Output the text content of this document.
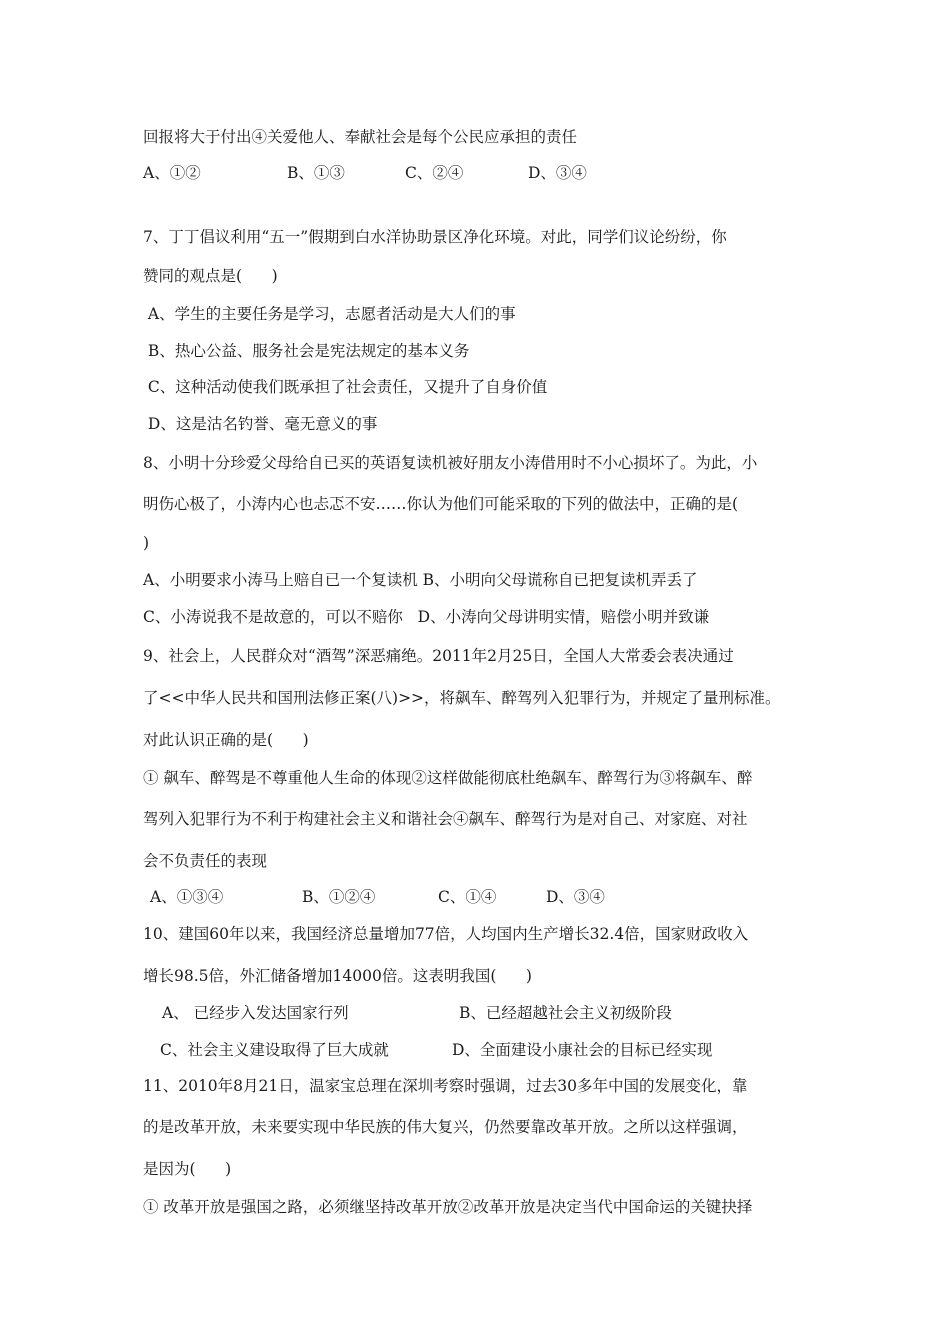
回报将大于付出④关爱他人、奉献社会是每个公民应承担的责任
A、①②	B、①③	C、②④	D、③④
7、丁丁倡议利用“五一”假期到白水洋协助景区净化环境。对此，同学们议论纷纷，你
赞同的观点是(      )
A、学生的主要任务是学习，志愿者活动是大人们的事
B、热心公益、服务社会是宪法规定的基本义务
C、这种活动使我们既承担了社会责任，又提升了自身价值
D、这是沽名钓誉、毫无意义的事
8、小明十分珍爱父母给自已买的英语复读机被好朋友小涛借用时不小心损坏了。为此，小
明伤心极了，小涛内心也忐忑不安……你认为他们可能采取的下列的做法中，正确的是(
)
A、小明要求小涛马上赔自已一个复读机 B、小明向父母谎称自已把复读机弄丢了
C、小涛说我不是故意的，可以不赔你   D、小涛向父母讲明实情，赔偿小明并致谦
9、社会上，人民群众对“酒驾”深恶痛绝。2011年2月25日，全国人大常委会表决通过
了<<中华人民共和国刑法修正案(八)>>，将飙车、醉驾列入犯罪行为，并规定了量刑标准。
对此认识正确的是(      )
① 飙车、醉驾是不尊重他人生命的体现②这样做能彻底杜绝飙车、醉驾行为③将飙车、醉
驾列入犯罪行为不利于构建社会主义和谐社会④飙车、醉驾行为是对自己、对家庭、对社
会不负责任的表现
A、①③④	B、①②④	C、①④	D、③④
10、建国60年以来，我国经济总量增加77倍，人均国内生产增长32.4倍，国家财政收入
增长98.5倍，外汇储备增加14000倍。这表明我国(      )
A、 已经步入发达国家行列	B、已经超越社会主义初级阶段
C、社会主义建设取得了巨大成就	D、全面建设小康社会的目标已经实现
11、2010年8月21日，温家宝总理在深圳考察时强调，过去30多年中国的发展变化，靠
的是改革开放，未来要实现中华民族的伟大复兴，仍然要靠改革开放。之所以这样强调，
是因为(      )
① 改革开放是强国之路，必须继坚持改革开放②改革开放是决定当代中国命运的关键抉择
